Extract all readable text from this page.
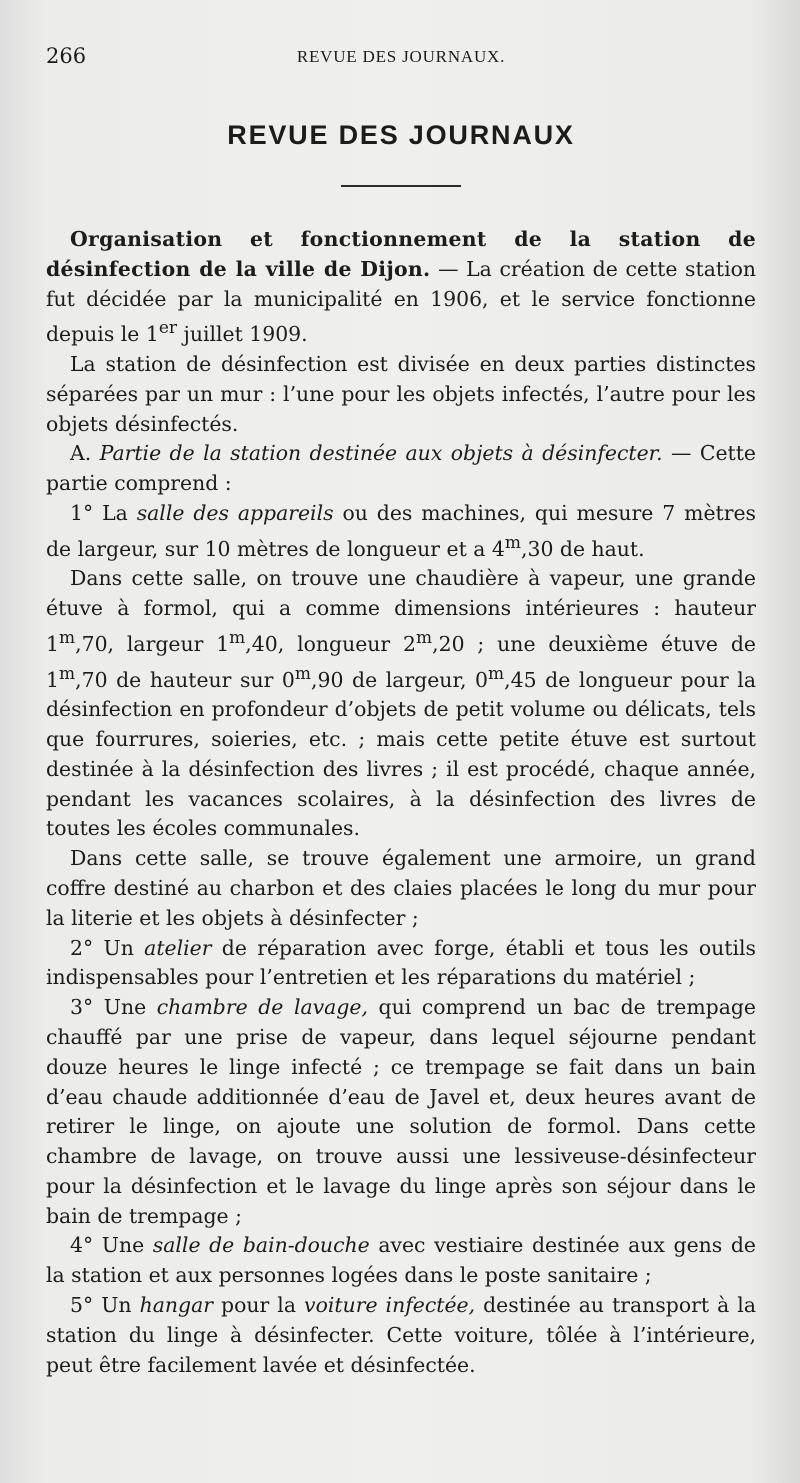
266	REVUE DES JOURNAUX.
REVUE DES JOURNAUX

Organisation et fonctionnement de la station de désinfection de la ville de Dijon. — La création de cette station fut décidée par la municipalité en 1906, et le service fonctionne depuis le 1er juillet 1909.

La station de désinfection est divisée en deux parties distinctes séparées par un mur : l’une pour les objets infectés, l’autre pour les objets désinfectés.

A. Partie de la station destinée aux objets à désinfecter. — Cette partie comprend :

1° La salle des appareils ou des machines, qui mesure 7 mètres de largeur, sur 10 mètres de longueur et a 4$^m$,30 de haut.

Dans cette salle, on trouve une chaudière à vapeur, une grande étuve à formol, qui a comme dimensions intérieures : hauteur 1$^m$,70, largeur 1$^m$,40, longueur 2$^m$,20 ; une deuxième étuve de 1$^m$,70 de hauteur sur 0$^m$,90 de largeur, 0$^m$,45 de longueur pour la désinfection en profondeur d’objets de petit volume ou délicats, tels que fourrures, soieries, etc. ; mais cette petite étuve est surtout destinée à la désinfection des livres ; il est procédé, chaque année, pendant les vacances scolaires, à la désinfection des livres de toutes les écoles communales.

Dans cette salle, se trouve également une armoire, un grand coffre destiné au charbon et des claies placées le long du mur pour la literie et les objets à désinfecter ;

2° Un atelier de réparation avec forge, établi et tous les outils indispensables pour l’entretien et les réparations du matériel ;

3° Une chambre de lavage, qui comprend un bac de trempage chauffé par une prise de vapeur, dans lequel séjourne pendant douze heures le linge infecté ; ce trempage se fait dans un bain d’eau chaude additionnée d’eau de Javel et, deux heures avant de retirer le linge, on ajoute une solution de formol. Dans cette chambre de lavage, on trouve aussi une lessiveuse-désinfecteur pour la désinfection et le lavage du linge après son séjour dans le bain de trempage ;

4° Une salle de bain-douche avec vestiaire destinée aux gens de la station et aux personnes logées dans le poste sanitaire ;

5° Un hangar pour la voiture infectée, destinée au transport à la station du linge à désinfecter. Cette voiture, tôlée à l’intérieure, peut être facilement lavée et désinfectée.
